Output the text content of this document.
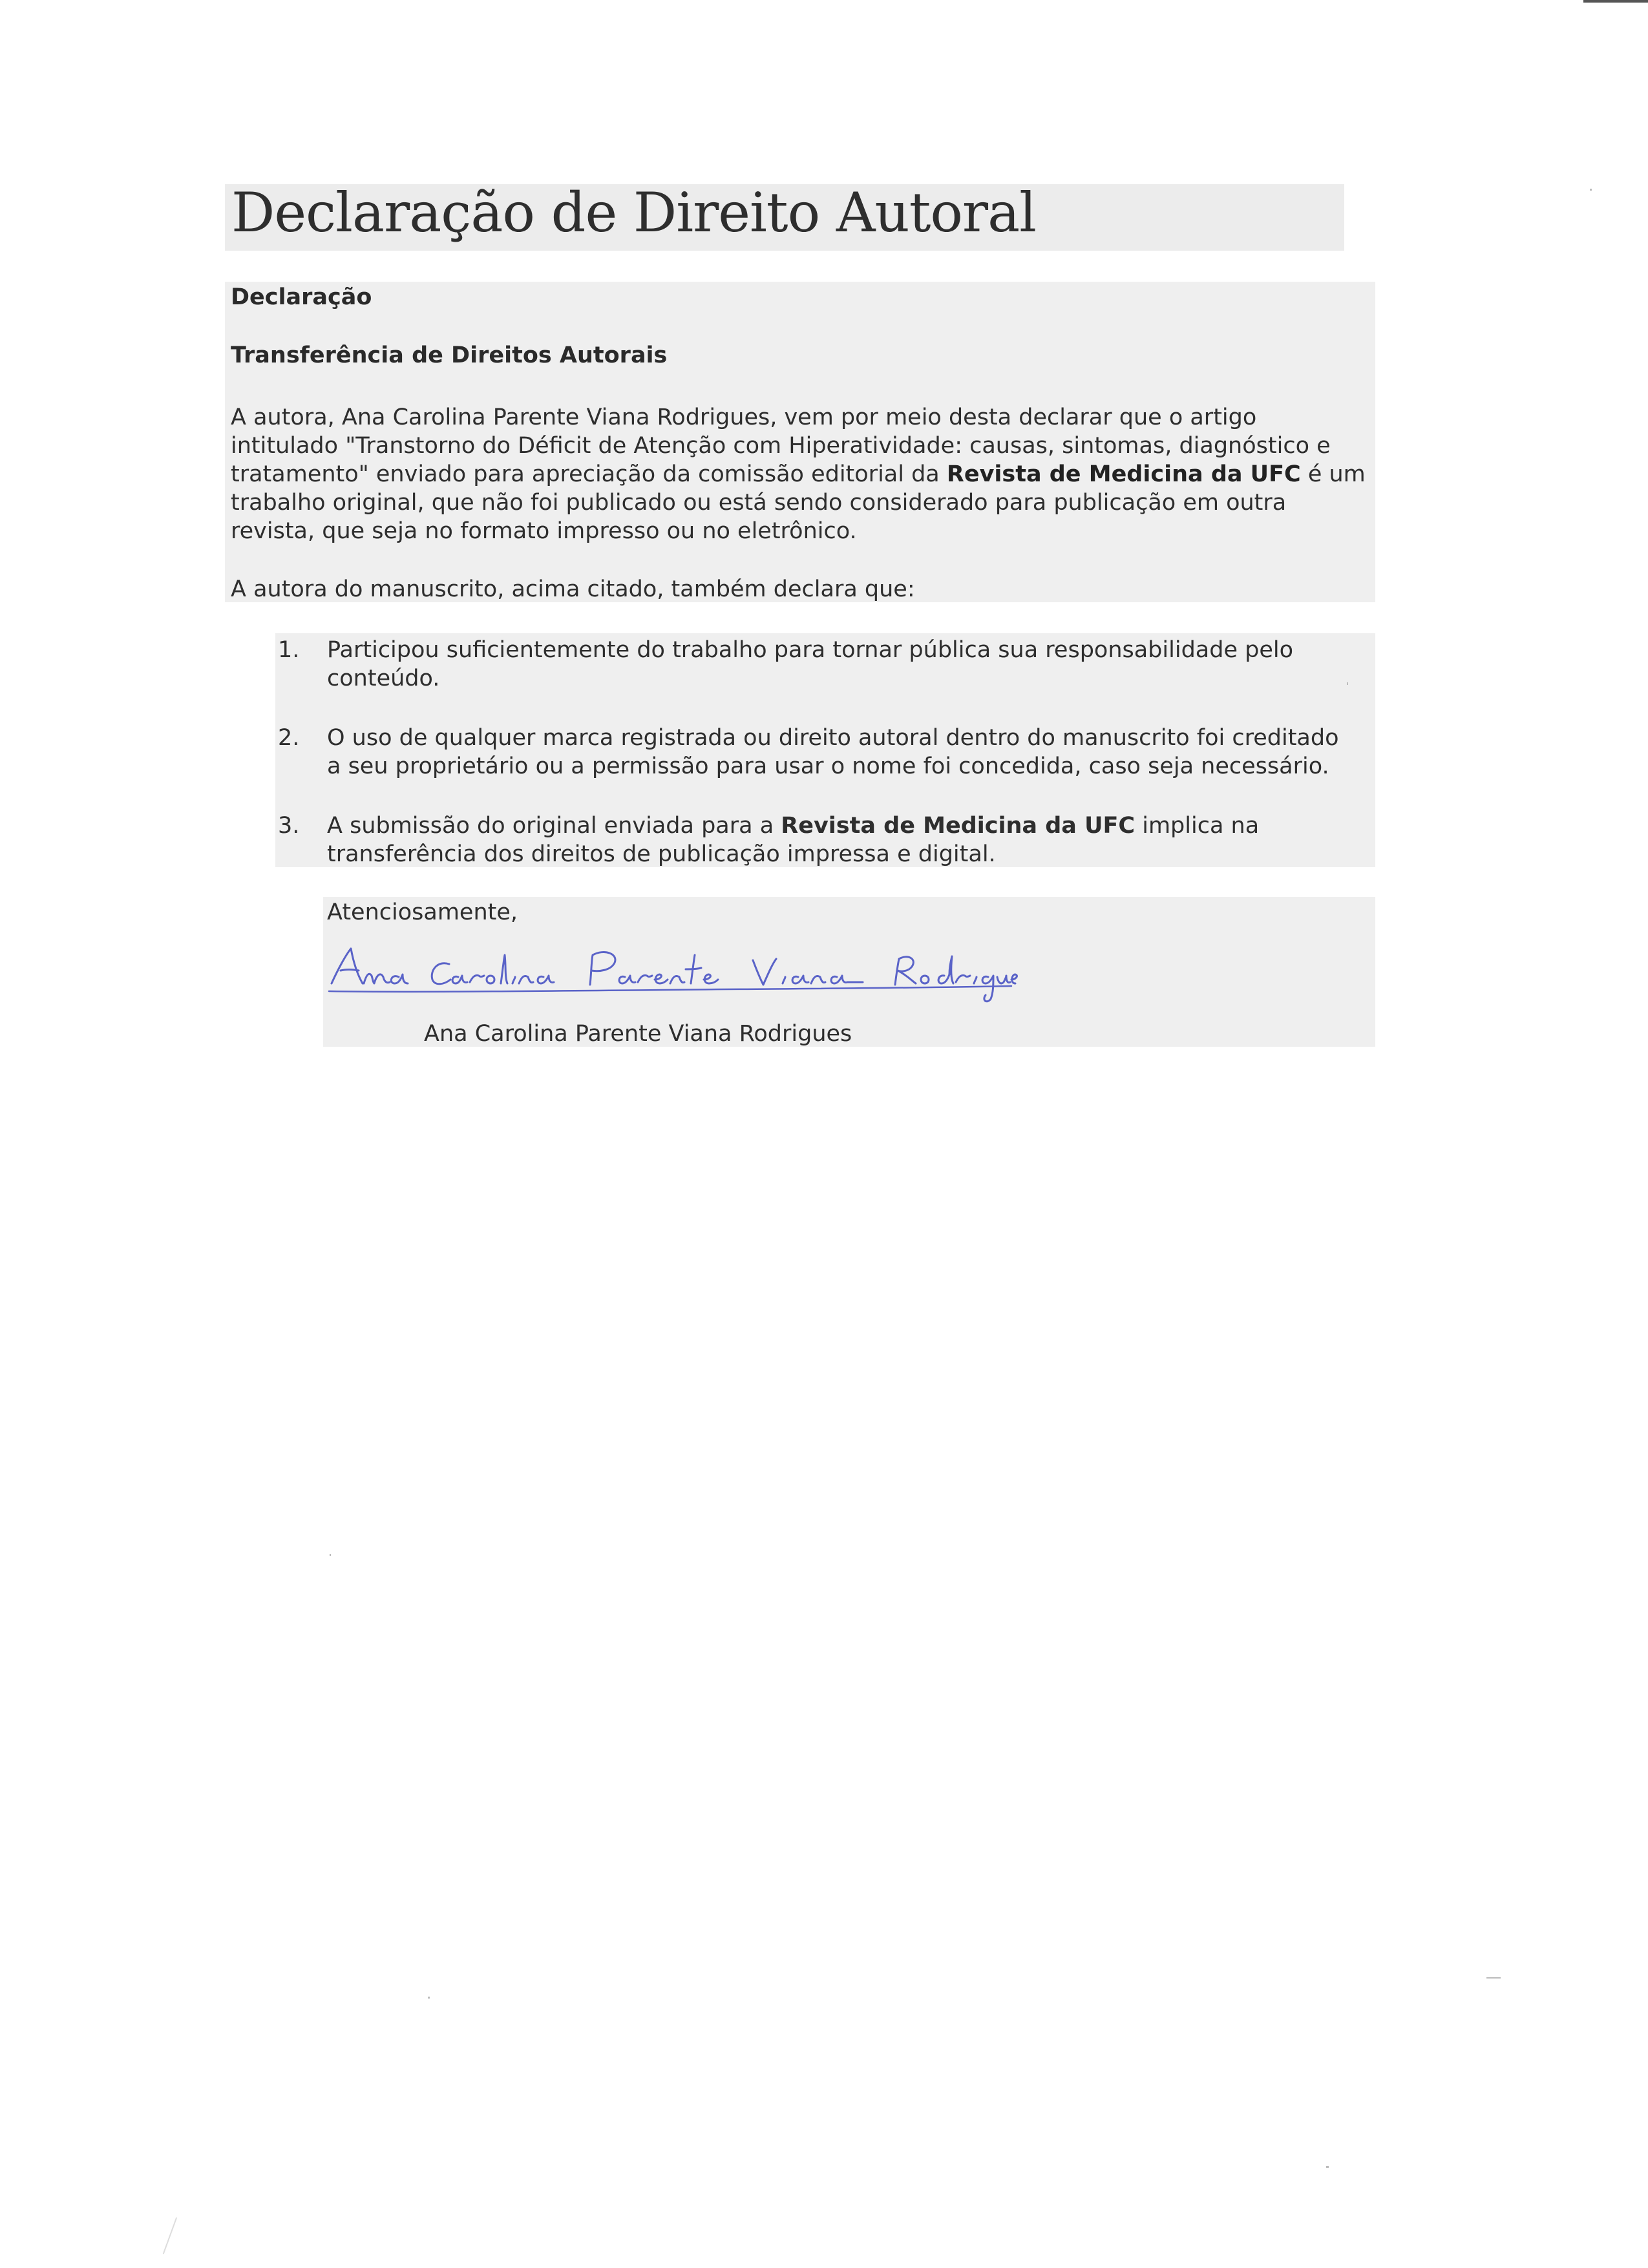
Declaração de Direito Autoral
Declaração
Transferência de Direitos Autorais
A autora, Ana Carolina Parente Viana Rodrigues, vem por meio desta declarar que o artigo
intitulado "Transtorno do Déficit de Atenção com Hiperatividade: causas, sintomas, diagnóstico e
tratamento" enviado para apreciação da comissão editorial da Revista de Medicina da UFC é um
trabalho original, que não foi publicado ou está sendo considerado para publicação em outra
revista, que seja no formato impresso ou no eletrônico.
A autora do manuscrito, acima citado, também declara que:
1.	Participou suficientemente do trabalho para tornar pública sua responsabilidade pelo
conteúdo.
2.	O uso de qualquer marca registrada ou direito autoral dentro do manuscrito foi creditado
a seu proprietário ou a permissão para usar o nome foi concedida, caso seja necessário.
3.	A submissão do original enviada para a Revista de Medicina da UFC implica na
transferência dos direitos de publicação impressa e digital.
Atenciosamente,
Ana Carolina Parente Viana Rodrigues
